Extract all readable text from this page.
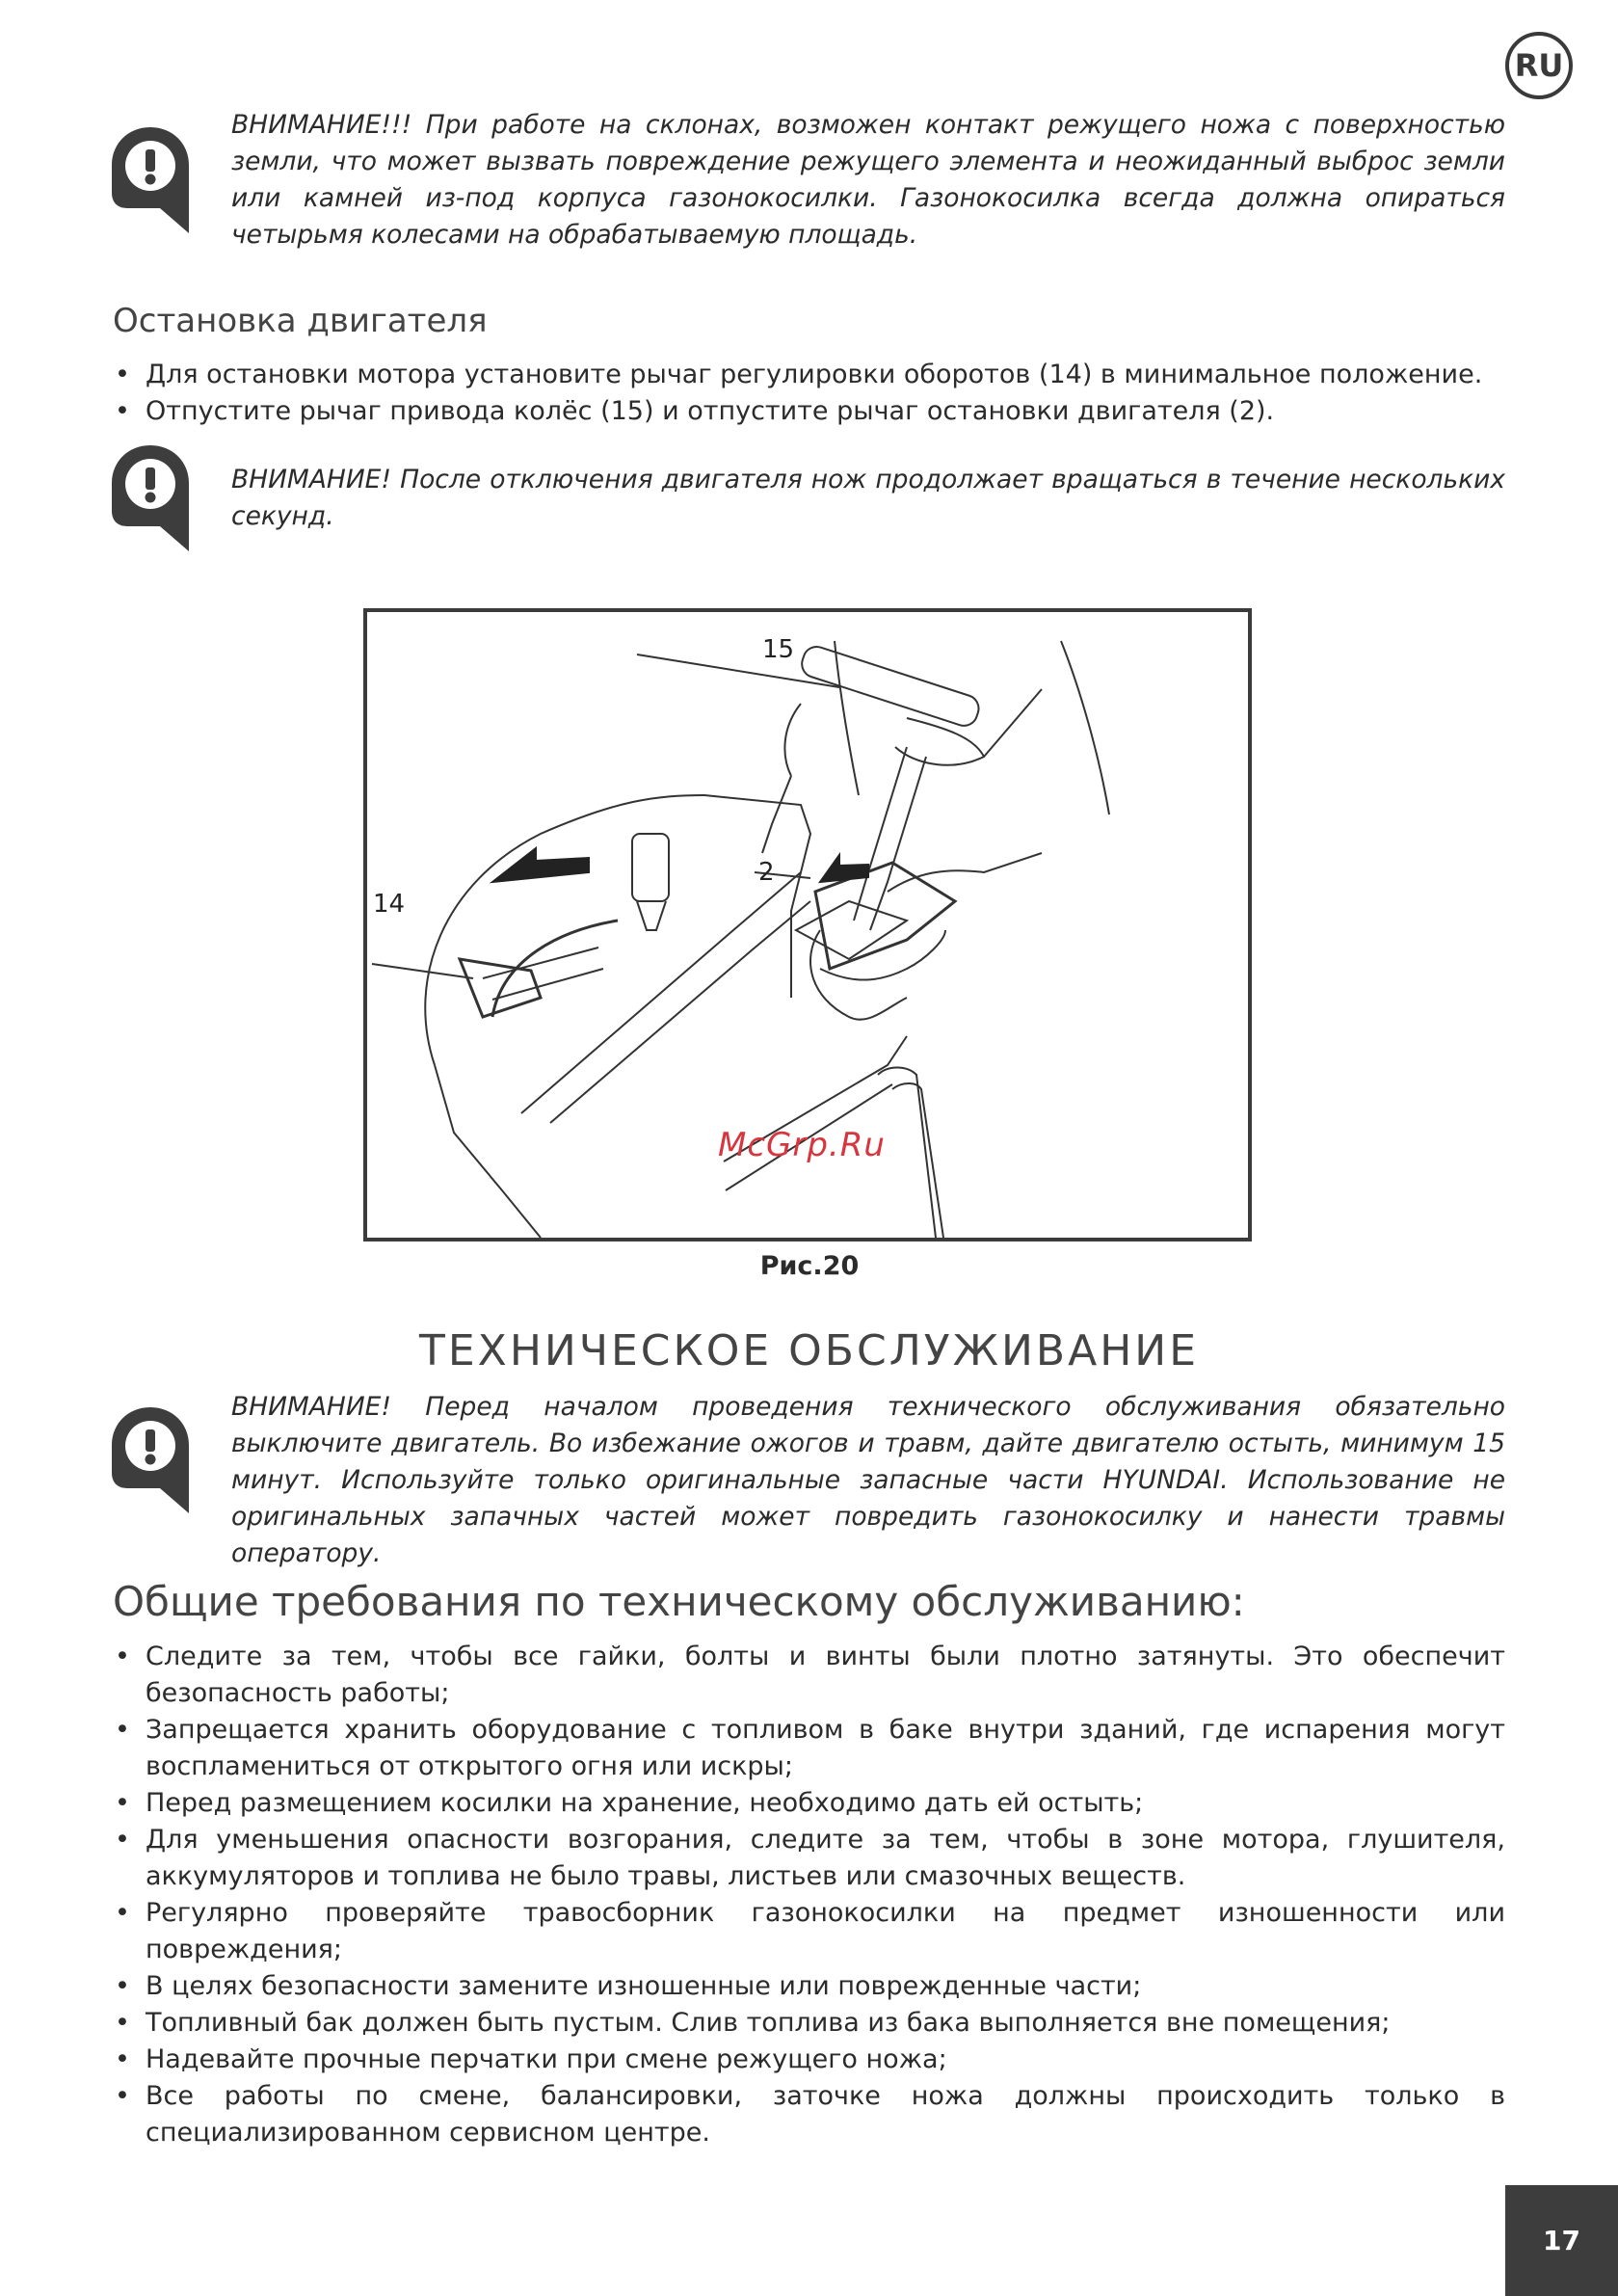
RU

ВНИМАНИЕ!!! При работе на склонах, возможен контакт режущего ножа с поверхностью земли, что может вызвать повреждение режущего элемента и неожиданный выброс земли или камней из-под корпуса газонокосилки. Газонокосилка всегда должна опираться четырьмя колесами на обрабатываемую площадь.

Остановка двигателя
• Для остановки мотора установите рычаг регулировки оборотов (14) в минимальное положение.
• Отпустите рычаг привода колёс (15) и отпустите рычаг остановки двигателя (2).

ВНИМАНИЕ! После отключения двигателя нож продолжает вращаться в течение нескольких секунд.

14
15
2
McGrp.Ru
Рис.20
ТЕХНИЧЕСКОЕ ОБСЛУЖИВАНИЕ

ВНИМАНИЕ! Перед началом проведения технического обслуживания обязательно выключите двигатель. Во избежание ожогов и травм, дайте двигателю остыть, минимум 15 минут. Используйте только оригинальные запасные части HYUNDAI. Использование не оригинальных запачных частей может повредить газонокосилку и нанести травмы оператору.

Общие требования по техническому обслуживанию:
• Следите за тем, чтобы все гайки, болты и винты были плотно затянуты. Это обеспечит безопасность работы;
• Запрещается хранить оборудование с топливом в баке внутри зданий, где испарения могут воспламениться от открытого огня или искры;
• Перед размещением косилки на хранение, необходимо дать ей остыть;
• Для уменьшения опасности возгорания, следите за тем, чтобы в зоне мотора, глушителя, аккумуляторов и топлива не было травы, листьев или смазочных веществ.
• Регулярно проверяйте травосборник газонокосилки на предмет изношенности или повреждения;
• В целях безопасности замените изношенные или поврежденные части;
• Топливный бак должен быть пустым. Слив топлива из бака выполняется вне помещения;
• Надевайте прочные перчатки при смене режущего ножа;
• Все работы по смене, балансировки, заточке ножа должны происходить только в специализированном сервисном центре.
17
